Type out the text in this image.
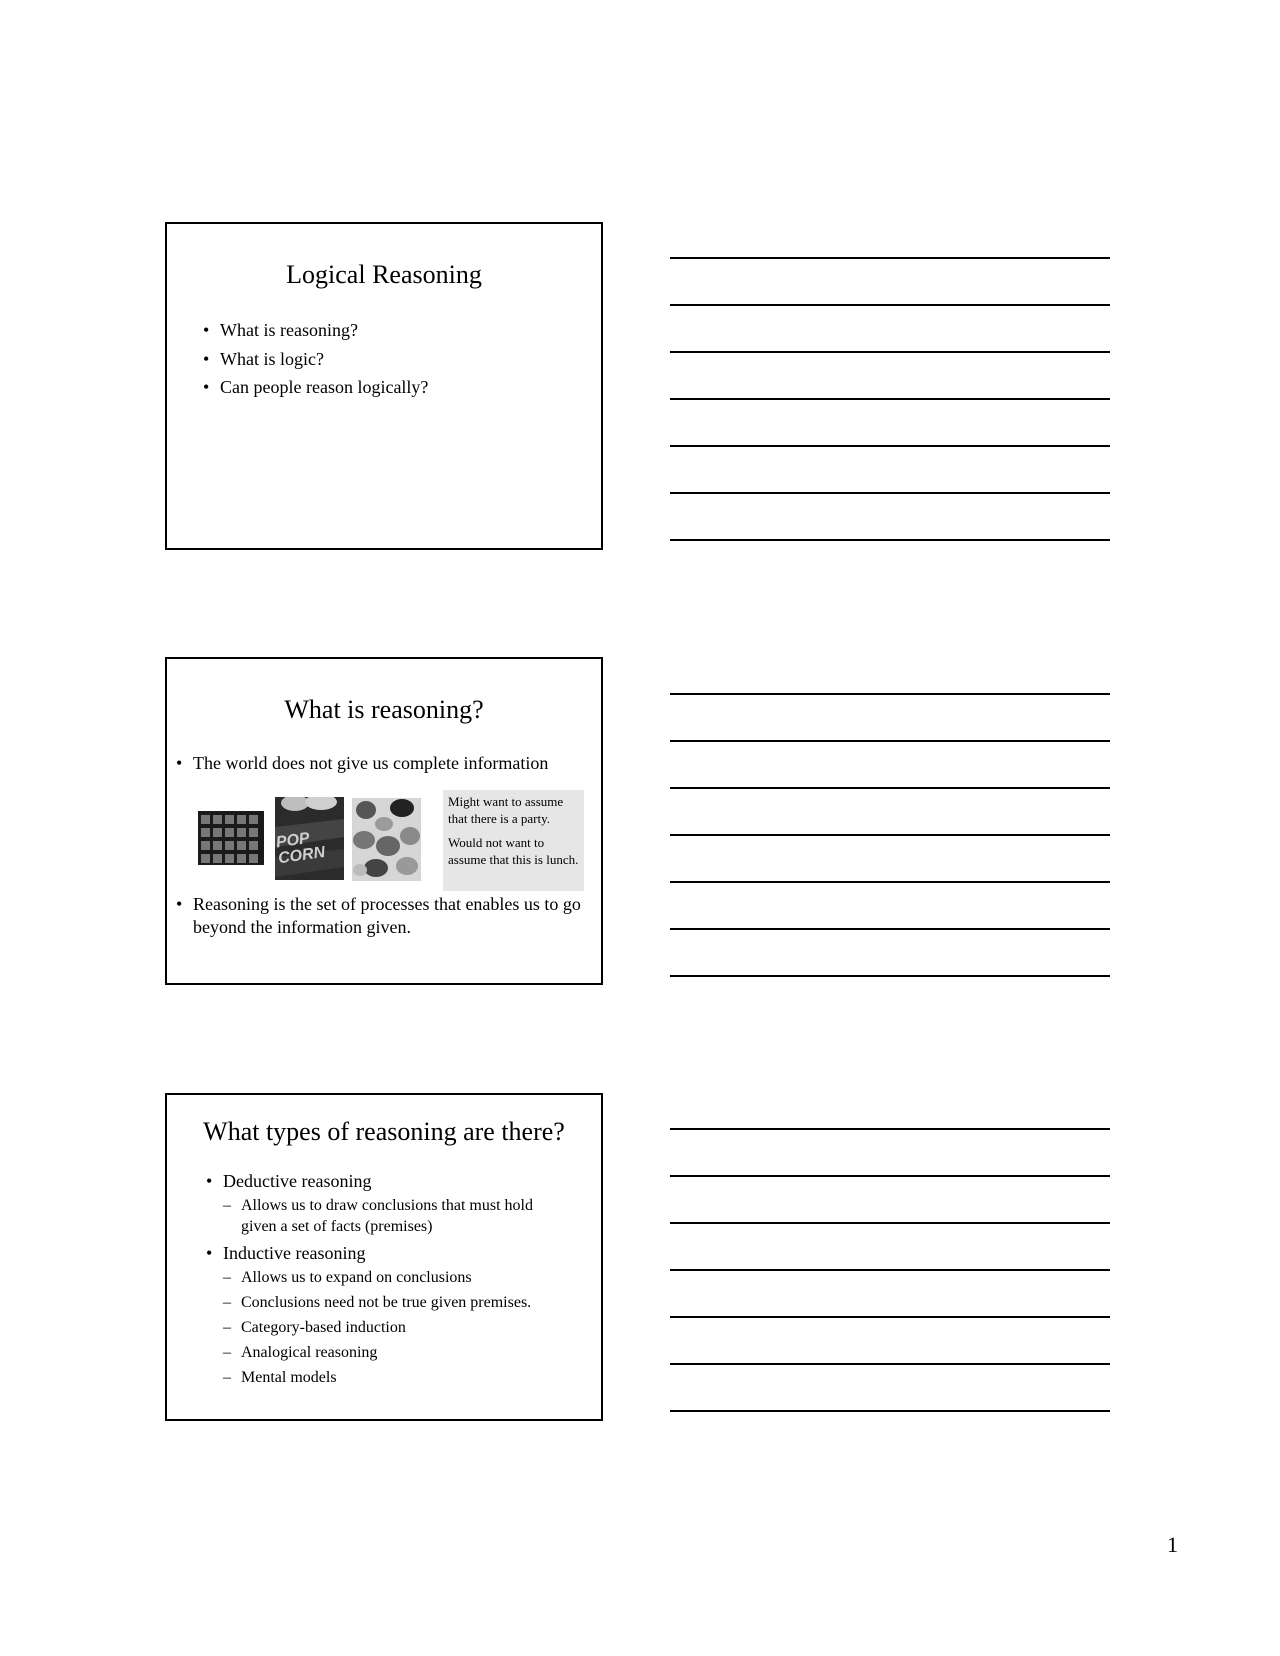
Logical Reasoning
• What is reasoning?
• What is logic?
• Can people reason logically?
What is reasoning?
• The world does not give us complete information
POP CORN

Might want to assume that there is a party.

Would not want to assume that this is lunch.

• Reasoning is the set of processes that enables us to go beyond the information given.
What types of reasoning are there?
• Deductive reasoning
– Allows us to draw conclusions that must hold given a set of facts (premises)
• Inductive reasoning
– Allows us to expand on conclusions
– Conclusions need not be true given premises.
– Category-based induction
– Analogical reasoning
– Mental models
1
